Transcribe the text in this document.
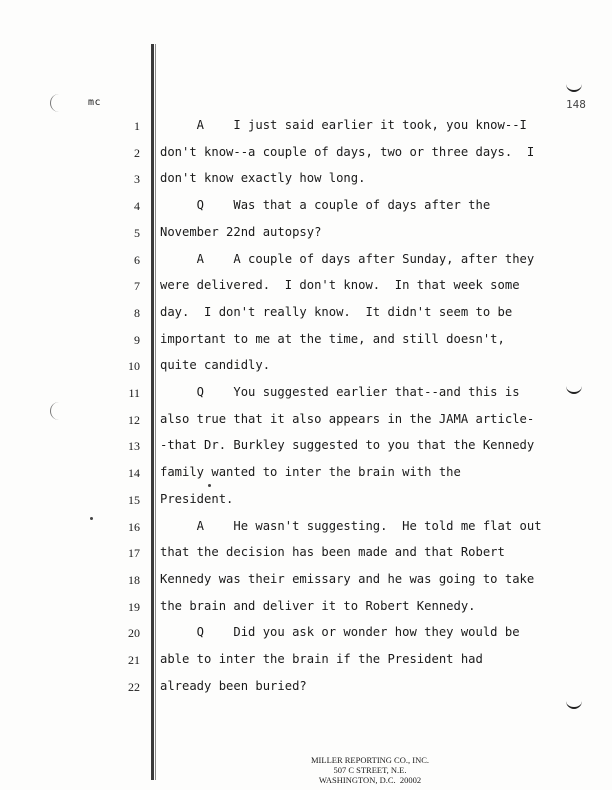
mc	148
1 A    I just said earlier it took, you know--I
2 don't know--a couple of days, two or three days.  I
3 don't know exactly how long.
4 Q    Was that a couple of days after the
5 November 22nd autopsy?
6 A    A couple of days after Sunday, after they
7 were delivered.  I don't know.  In that week some
8 day.  I don't really know.  It didn't seem to be
9 important to me at the time, and still doesn't,
10 quite candidly.
11 Q    You suggested earlier that--and this is
12 also true that it also appears in the JAMA article-
13 -that Dr. Burkley suggested to you that the Kennedy
14 family wanted to inter the brain with the
15 President.
16 A    He wasn't suggesting.  He told me flat out
17 that the decision has been made and that Robert
18 Kennedy was their emissary and he was going to take
19 the brain and deliver it to Robert Kennedy.
20 Q    Did you ask or wonder how they would be
21 able to inter the brain if the President had
22 already been buried?
MILLER REPORTING CO., INC.
507 C STREET, N.E.
WASHINGTON, D.C.  20002
